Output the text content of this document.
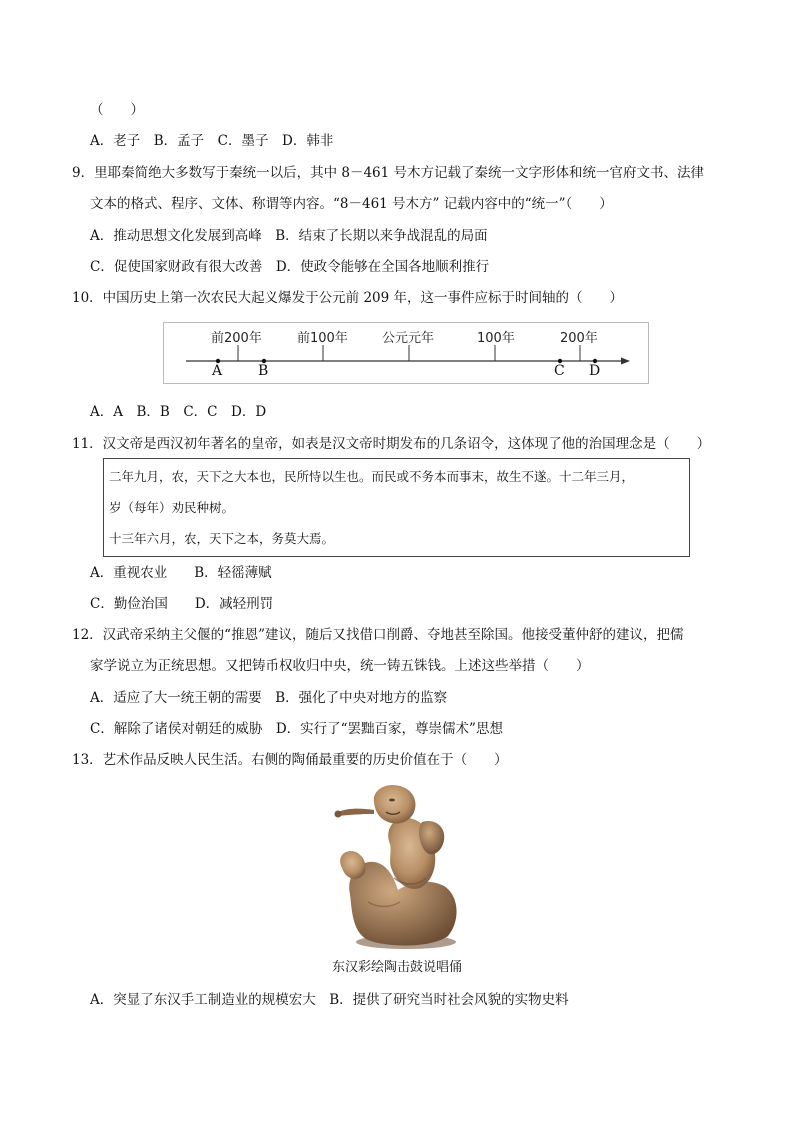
（　　）
A．老子　B．孟子　C．墨子　D．韩非
9．里耶秦简绝大多数写于秦统一以后，其中 8－461 号木方记载了秦统一文字形体和统一官府文书、法律
文本的格式、程序、文体、称谓等内容。“8－461 号木方” 记载内容中的“统一”（　　）
A．推动思想文化发展到高峰　B．结束了长期以来争战混乱的局面
C．促使国家财政有很大改善　D．使政令能够在全国各地顺利推行
10．中国历史上第一次农民大起义爆发于公元前 209 年，这一事件应标于时间轴的（　　）
前200年	前100年	公元元年	100年	200年
A	B	C D
A．A　B．B　C．C　D．D
11．汉文帝是西汉初年著名的皇帝，如表是汉文帝时期发布的几条诏令，这体现了他的治国理念是（　　）
二年九月，农，天下之大本也，民所恃以生也。而民或不务本而事末，故生不遂。十二年三月，
岁（每年）劝民种树。
十三年六月，农，天下之本，务莫大焉。
A．重视农业　　B．轻徭薄赋
C．勤俭治国　　D．减轻刑罚
12．汉武帝采纳主父偃的“推恩”建议，随后又找借口削爵、夺地甚至除国。他接受董仲舒的建议，把儒
家学说立为正统思想。又把铸币权收归中央，统一铸五铢钱。上述这些举措（　　）
A．适应了大一统王朝的需要　B．强化了中央对地方的监察
C．解除了诸侯对朝廷的威胁　D．实行了“罢黜百家，尊崇儒术”思想
13．艺术作品反映人民生活。右侧的陶俑最重要的历史价值在于（　　）
东汉彩绘陶击鼓说唱俑
A．突显了东汉手工制造业的规模宏大　B．提供了研究当时社会风貌的实物史料
